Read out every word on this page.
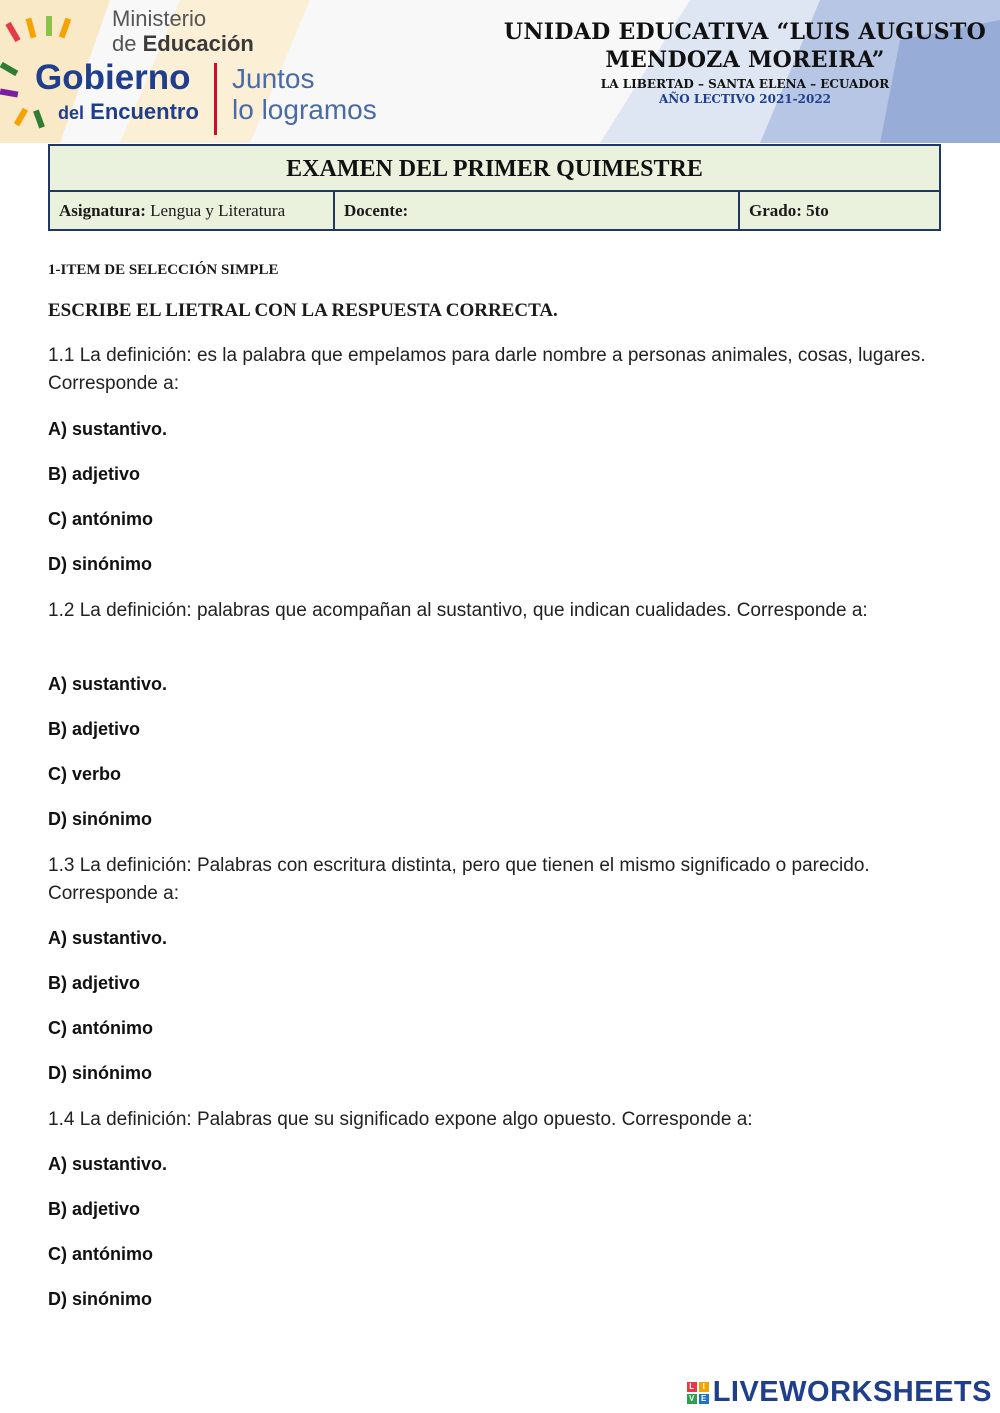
Ministerio
de Educación
Gobierno
del Encuentro
Juntos
lo logramos
UNIDAD EDUCATIVA “LUIS AUGUSTO
MENDOZA MOREIRA”
LA LIBERTAD – SANTA ELENA – ECUADOR
AÑO LECTIVO 2021-2022
EXAMEN DEL PRIMER QUIMESTRE
Asignatura: Lengua y Literatura	Docente:	Grado: 5to
1-ITEM DE SELECCIÓN SIMPLE
ESCRIBE EL LIETRAL CON LA RESPUESTA CORRECTA.
1.1 La definición: es la palabra que empelamos para darle nombre a personas animales, cosas, lugares. Corresponde a:
A) sustantivo.
B) adjetivo
C) antónimo
D) sinónimo
1.2 La definición: palabras que acompañan al sustantivo, que indican cualidades. Corresponde a:
A) sustantivo.
B) adjetivo
C) verbo
D) sinónimo
1.3 La definición: Palabras con escritura distinta, pero que tienen el mismo significado o parecido. Corresponde a:
A) sustantivo.
B) adjetivo
C) antónimo
D) sinónimo
1.4 La definición: Palabras que su significado expone algo opuesto. Corresponde a:
A) sustantivo.
B) adjetivo
C) antónimo
D) sinónimo
L	I
V E LIVEWORKSHEETS
